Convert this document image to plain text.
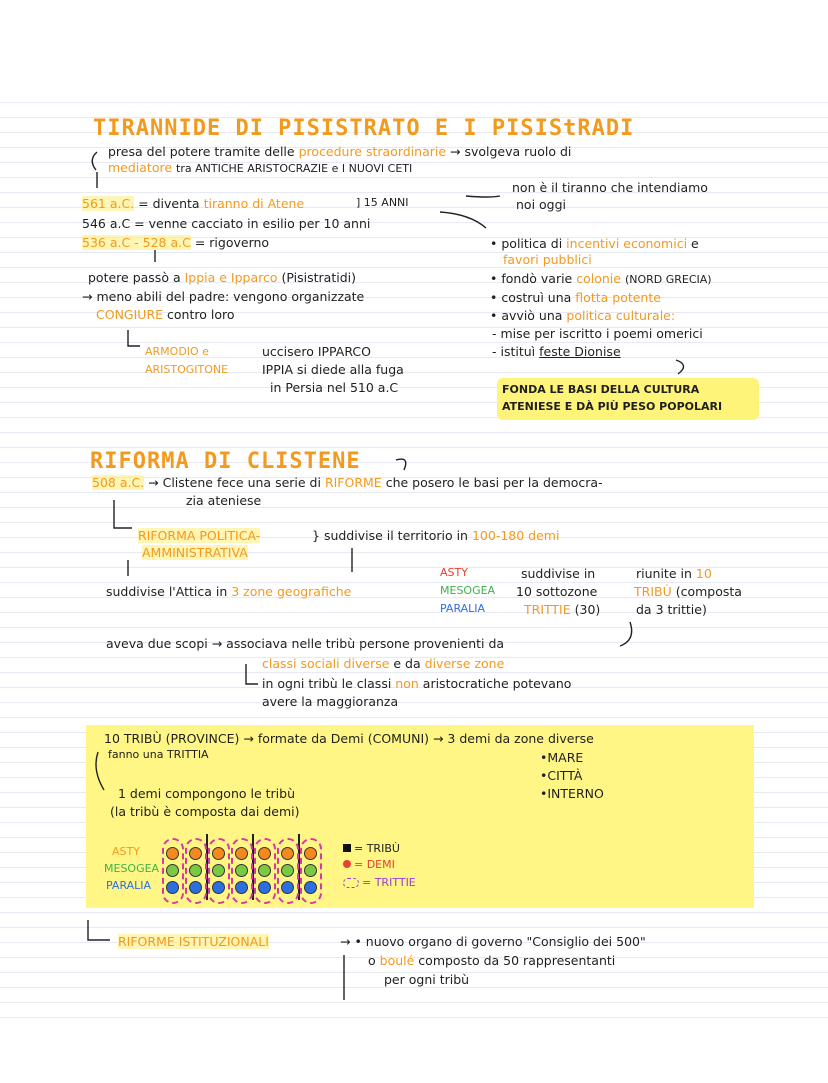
TIRANNIDE DI PISISTRATO E I PISIStRADI
presa del potere tramite delle procedure straordinarie → svolgeva ruolo di
mediatore tra ANTICHE ARISTOCRAZIE e I NUOVI CETI
561 a.C. = diventa tiranno di Atene	] 15 ANNI
546 a.C = venne cacciato in esilio per 10 anni
536 a.C - 528 a.C = rigoverno
non è il tiranno che intendiamo
noi oggi
• politica di incentivi economici e
favori pubblici
• fondò varie colonie (NORD GRECIA)
• costruì una flotta potente
• avviò una politica culturale:
- mise per iscritto i poemi omerici
- istituì feste Dionise
potere passò a Ippia e Ipparco (Pisistratidi)
→ meno abili del padre: vengono organizzate
CONGIURE contro loro
ARMODIO e
ARISTOGITONE
uccisero IPPARCO
IPPIA si diede alla fuga
in Persia nel 510 a.C	FONDA LE BASI DELLA CULTURA
ATENIESE E DÀ PIÙ PESO POPOLARI
RIFORMA DI CLISTENE
508 a.C. → Clistene fece una serie di RIFORME che posero le basi per la democra-
zia ateniese
RIFORMA POLITICA-
AMMINISTRATIVA
} suddivise il territorio in 100-180 demi
suddivise l'Attica in 3 zone geografiche
ASTY
MESOGEA
PARALIA
suddivise in
10 sottozone
TRITTIE (30)
riunite in 10
TRIBÙ (composta
da 3 trittie)
aveva due scopi → associava nelle tribù persone provenienti da
classi sociali diverse e da diverse zone
in ogni tribù le classi non aristocratiche potevano
avere la maggioranza
10 TRIBÙ (PROVINCE) → formate da Demi (COMUNI) → 3 demi da zone diverse
fanno una TRITTIA	•MARE
•CITTÀ
•INTERNO
1 demi compongono le tribù
(la tribù è composta dai demi)
ASTY
MESOGEA
PARALIA
= TRIBÙ
= DEMI
= TRITTIE
RIFORME ISTITUZIONALI	→ • nuovo organo di governo "Consiglio dei 500"
o boulé composto da 50 rappresentanti
per ogni tribù
